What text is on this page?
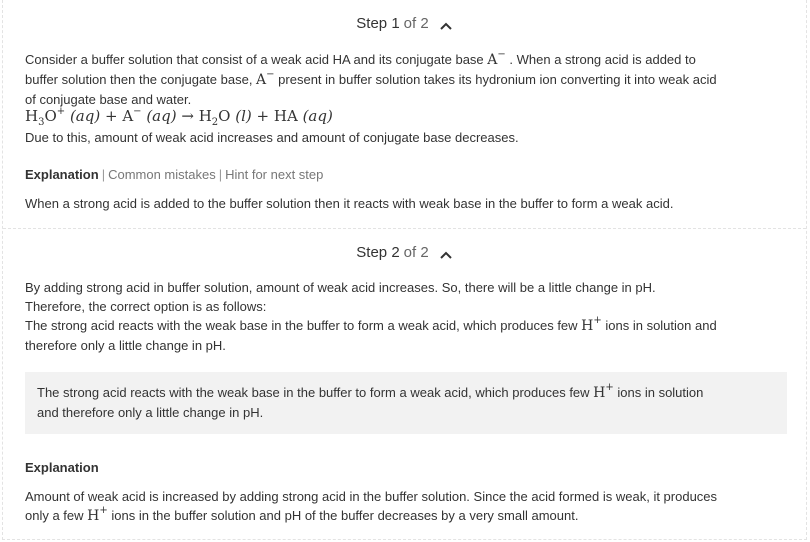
Step
1 of 2
Consider a buffer solution that consist of a weak acid HA and its conjugate base A− . When a strong acid is added to
buffer solution then the conjugate base, A− present in buffer solution takes its hydronium ion converting it into weak acid
of conjugate base and water.
$H_3O^+$ (aq) + A− $(aq) \to H_2O$ (l) + HA (aq)
Due to this, amount of weak acid increases and amount of conjugate base decreases.
Explanation | Common mistakes | Hint for next step
When a strong acid is added to the buffer solution then it reacts with weak base in the buffer to form a weak acid.
Step
2 of 2
By adding strong acid in buffer solution, amount of weak acid increases. So, there will be a little change in pH.
Therefore, the correct option is as follows:
The strong acid reacts with the weak base in the buffer to form a weak acid, which produces few H+ ions in solution and
therefore only a little change in pH.
The strong acid reacts with the weak base in the buffer to form a weak acid, which produces few H+ ions in solution
and therefore only a little change in pH.
Explanation
Amount of weak acid is increased by adding strong acid in the buffer solution. Since the acid formed is weak, it produces
only a few H+ ions in the buffer solution and pH of the buffer decreases by a very small amount.
